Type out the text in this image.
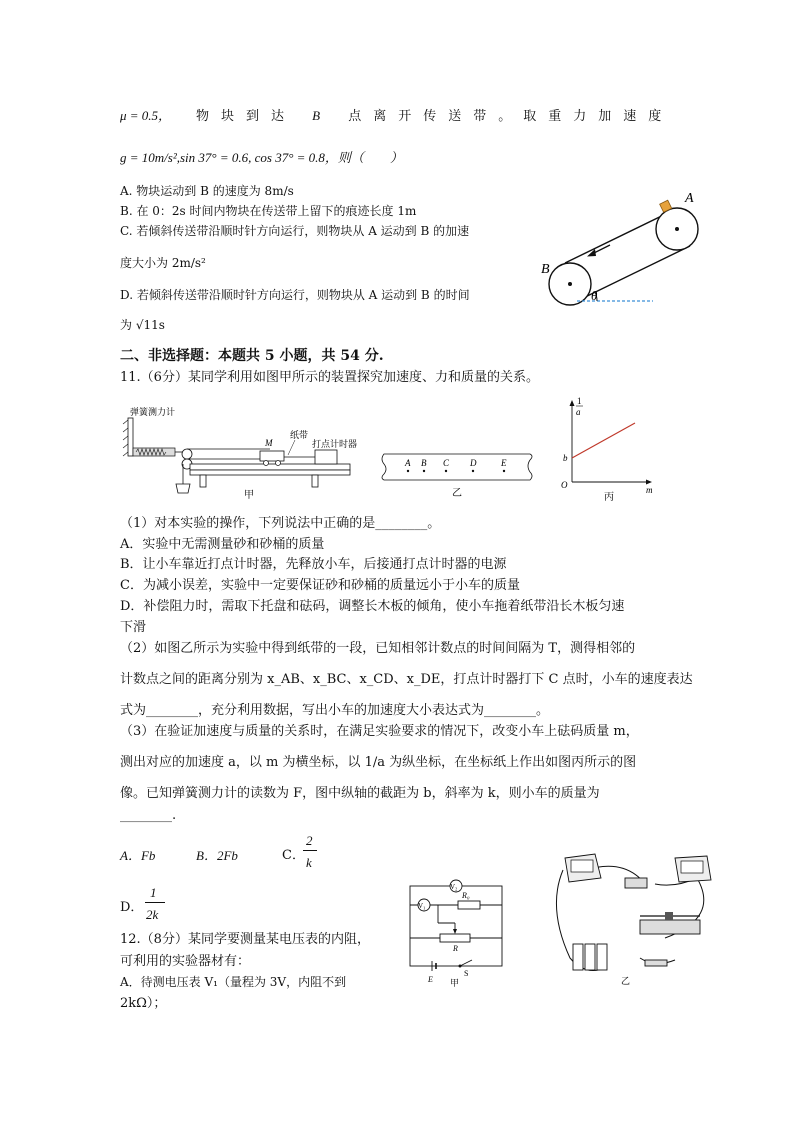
μ = 0.5， 物块到达 B 点离开传送带。取重力加速度
g = 10m/s²,sin 37° = 0.6, cos 37° = 0.8，则（　　）
A. 物块运动到 B 的速度为 8m/s
B. 在 0：2s 时间内物块在传送带上留下的痕迹长度 1m
C. 若倾斜传送带沿顺时针方向运行，则物块从 A 运动到 B 的加速
度大小为 2m/s²
D. 若倾斜传送带沿顺时针方向运行，则物块从 A 运动到 B 的时间
为 √11s
A
B
θ
二、非选择题：本题共 5 小题，共 54 分.
11.（6分）某同学利用如图甲所示的装置探究加速度、力和质量的关系。
弹簧测力计
M
纸带
打点计时器
甲
A B C D	E
乙
1
a
b
O	m
丙
（1）对本实验的操作，下列说法中正确的是________。
A．实验中无需测量砂和砂桶的质量
B．让小车靠近打点计时器，先释放小车，后接通打点计时器的电源
C．为减小误差，实验中一定要保证砂和砂桶的质量远小于小车的质量
D．补偿阻力时，需取下托盘和砝码，调整长木板的倾角，使小车拖着纸带沿长木板匀速
下滑
（2）如图乙所示为实验中得到纸带的一段，已知相邻计数点的时间间隔为 T，测得相邻的
计数点之间的距离分别为 x_AB、x_BC、x_CD、x_DE，打点计时器打下 C 点时，小车的速度表达
式为________，充分利用数据，写出小车的加速度大小表达式为________。
（3）在验证加速度与质量的关系时，在满足实验要求的情况下，改变小车上砝码质量 m，
测出对应的加速度 a，以 m 为横坐标，以 1/a 为纵坐标，在坐标纸上作出如图丙所示的图
像。已知弹簧测力计的读数为 F，图中纵轴的截距为 b，斜率为 k，则小车的质量为
________.
A．Fb	B．2Fb	C．
2
k
D．
1
2k
12.（8分）某同学要测量某电压表的内阻，
可利用的实验器材有：
A．待测电压表 V₁（量程为 3V，内阻不到
2kΩ）；
V₂
V₁
R₀
R
E
S
甲	乙
